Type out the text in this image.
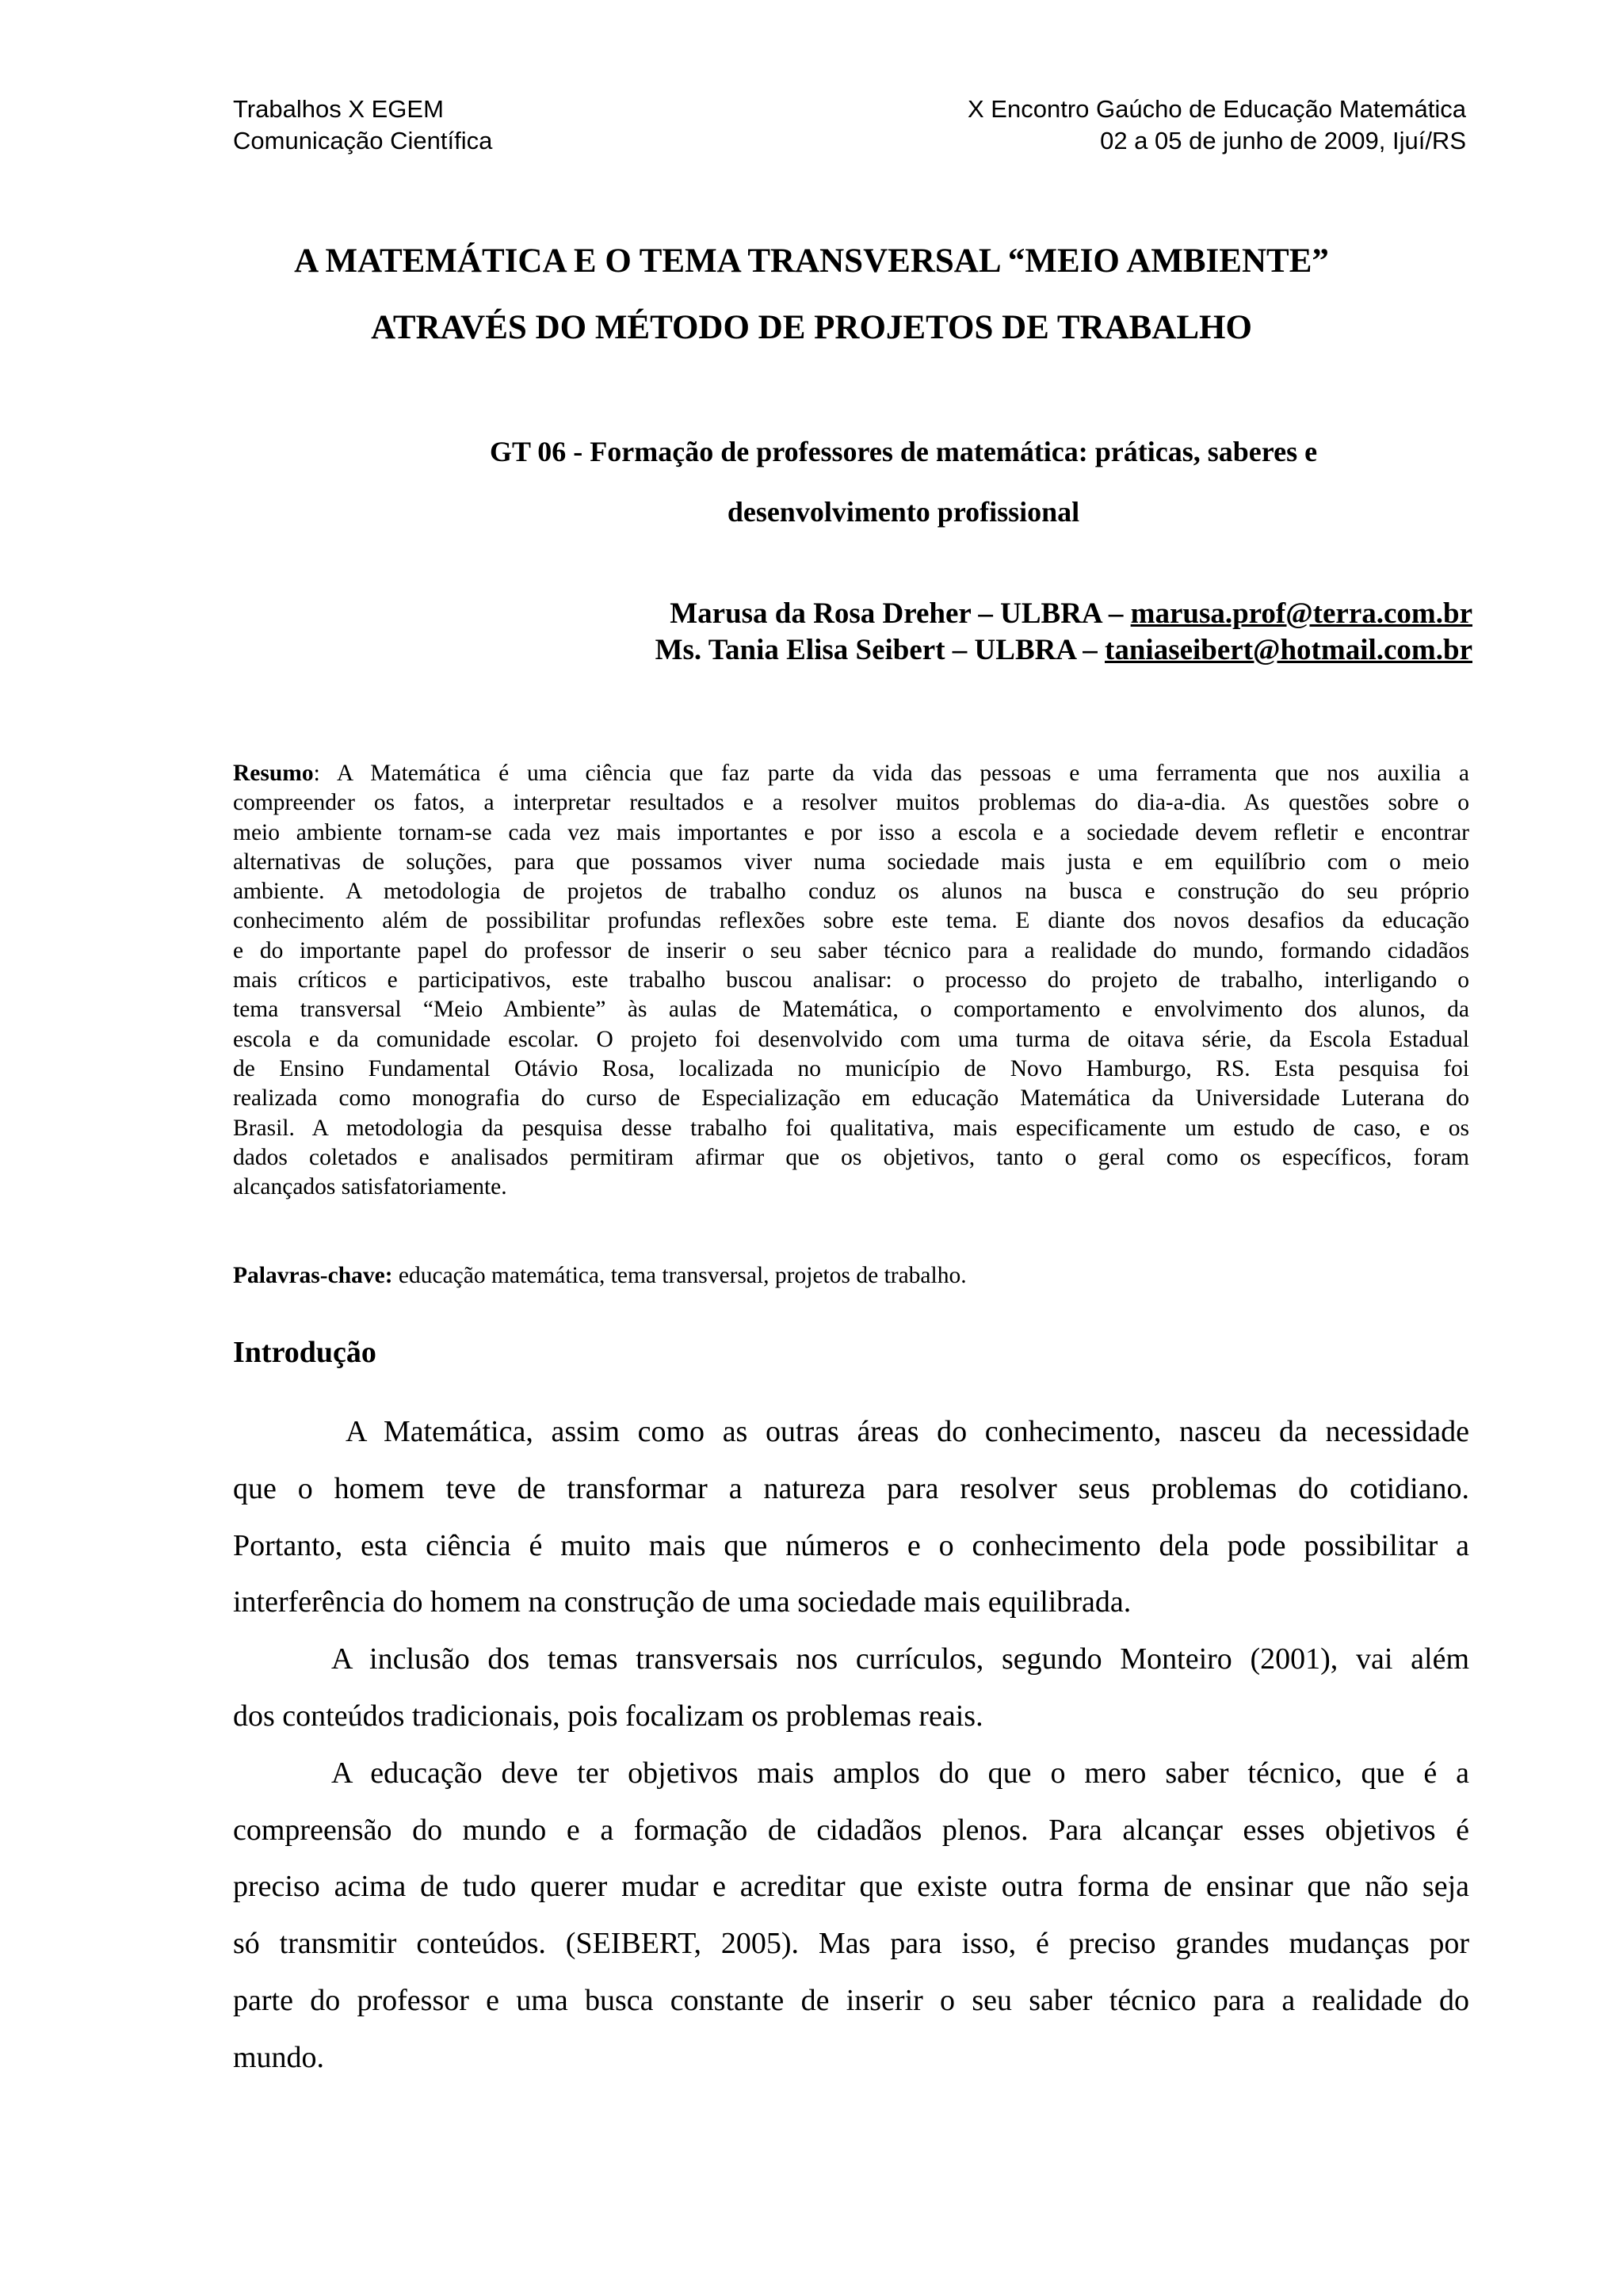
Trabalhos X EGEM
Comunicação Científica
X Encontro Gaúcho de Educação Matemática
02 a 05 de junho de 2009, Ijuí/RS
A MATEMÁTICA E O TEMA TRANSVERSAL “MEIO AMBIENTE”
ATRAVÉS DO MÉTODO DE PROJETOS DE TRABALHO
GT 06 - Formação de professores de matemática: práticas, saberes e
desenvolvimento profissional
Marusa da Rosa Dreher – ULBRA – marusa.prof@terra.com.br
Ms. Tania Elisa Seibert – ULBRA – taniaseibert@hotmail.com.br
Resumo: A Matemática é uma ciência que faz parte da vida das pessoas e uma ferramenta que nos auxilia a
compreender os fatos, a interpretar resultados e a resolver muitos problemas do dia-a-dia. As questões sobre o
meio ambiente tornam-se cada vez mais importantes e por isso a escola e a sociedade devem refletir e encontrar
alternativas de soluções, para que possamos viver numa sociedade mais justa e em equilíbrio com o meio
ambiente. A metodologia de projetos de trabalho conduz os alunos na busca e construção do seu próprio
conhecimento além de possibilitar profundas reflexões sobre este tema. E diante dos novos desafios da educação
e do importante papel do professor de inserir o seu saber técnico para a realidade do mundo, formando cidadãos
mais críticos e participativos, este trabalho buscou analisar: o processo do projeto de trabalho, interligando o
tema transversal “Meio Ambiente” às aulas de Matemática, o comportamento e envolvimento dos alunos, da
escola e da comunidade escolar. O projeto foi desenvolvido com uma turma de oitava série, da Escola Estadual
de Ensino Fundamental Otávio Rosa, localizada no município de Novo Hamburgo, RS. Esta pesquisa foi
realizada como monografia do curso de Especialização em educação Matemática da Universidade Luterana do
Brasil. A metodologia da pesquisa desse trabalho foi qualitativa, mais especificamente um estudo de caso, e os
dados coletados e analisados permitiram afirmar que os objetivos, tanto o geral como os específicos, foram
alcançados satisfatoriamente.
Palavras-chave: educação matemática, tema transversal, projetos de trabalho.
Introdução
A Matemática, assim como as outras áreas do conhecimento, nasceu da necessidade
que o homem teve de transformar a natureza para resolver seus problemas do cotidiano.
Portanto, esta ciência é muito mais que números e o conhecimento dela pode possibilitar a
interferência do homem na construção de uma sociedade mais equilibrada.
A inclusão dos temas transversais nos currículos, segundo Monteiro (2001), vai além
dos conteúdos tradicionais, pois focalizam os problemas reais.
A educação deve ter objetivos mais amplos do que o mero saber técnico, que é a
compreensão do mundo e a formação de cidadãos plenos. Para alcançar esses objetivos é
preciso acima de tudo querer mudar e acreditar que existe outra forma de ensinar que não seja
só transmitir conteúdos. (SEIBERT, 2005). Mas para isso, é preciso grandes mudanças por
parte do professor e uma busca constante de inserir o seu saber técnico para a realidade do
mundo.
